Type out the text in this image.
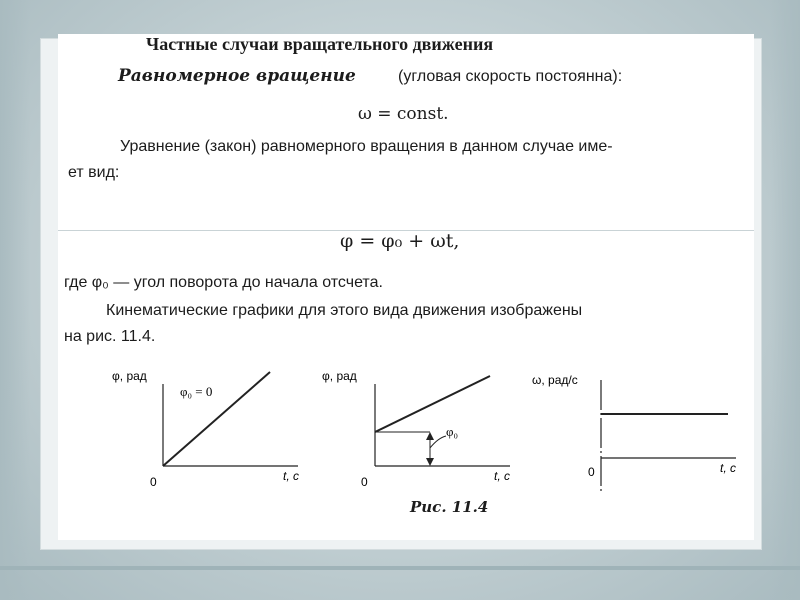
Частные случаи вращательного движения
Равномерное вращение	(угловая скорость постоянна):
ω = const.
Уравнение (закон) равномерного вращения в данном случае име-
ет вид:
φ = φ₀ + ωt,
где φ₀ — угол поворота до начала отсчета.
Кинематические графики для этого вида движения изображены
на рис. 11.4.
φ, рад
φ₀ = 0
t, c
0
φ, рад
φ₀
t, c
0
ω, рад/с
t, c
0
Рис. 11.4
